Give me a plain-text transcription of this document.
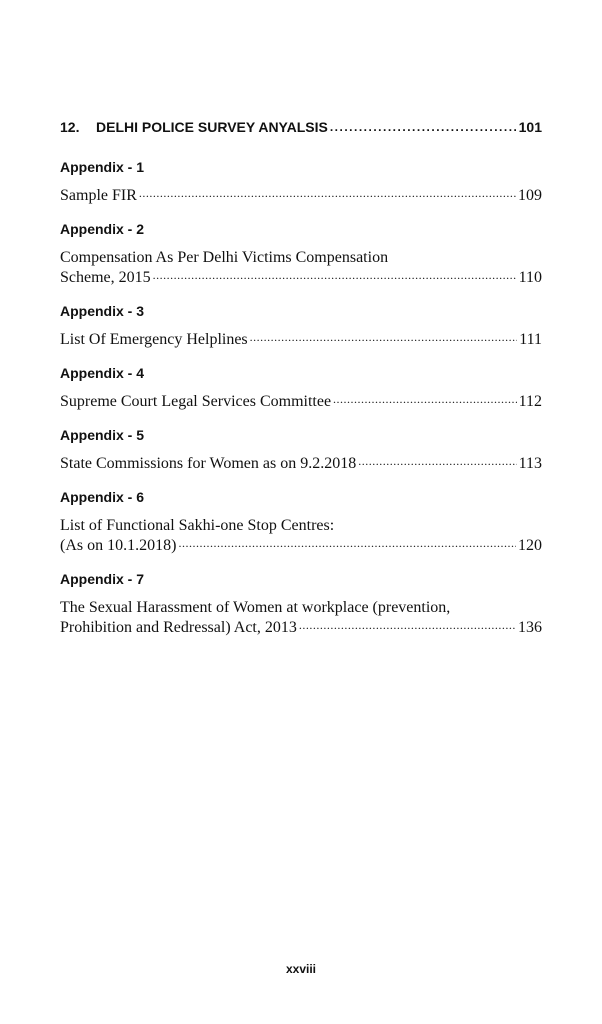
12.	DELHI POLICE SURVEY ANYALSIS .....	101
Appendix - 1
Sample FIR .....	109
Appendix - 2
Compensation As Per Delhi Victims Compensation
Scheme, 2015 .....	110
Appendix - 3
List Of Emergency Helplines .....	111
Appendix - 4
Supreme Court Legal Services Committee .....	112
Appendix - 5
State Commissions for Women as on 9.2.2018 .....	113
Appendix - 6
List of Functional Sakhi-one Stop Centres:
(As on 10.1.2018) .....	120
Appendix - 7
The Sexual Harassment of Women at workplace (prevention,
Prohibition and Redressal) Act, 2013 .....	136
xxviii
